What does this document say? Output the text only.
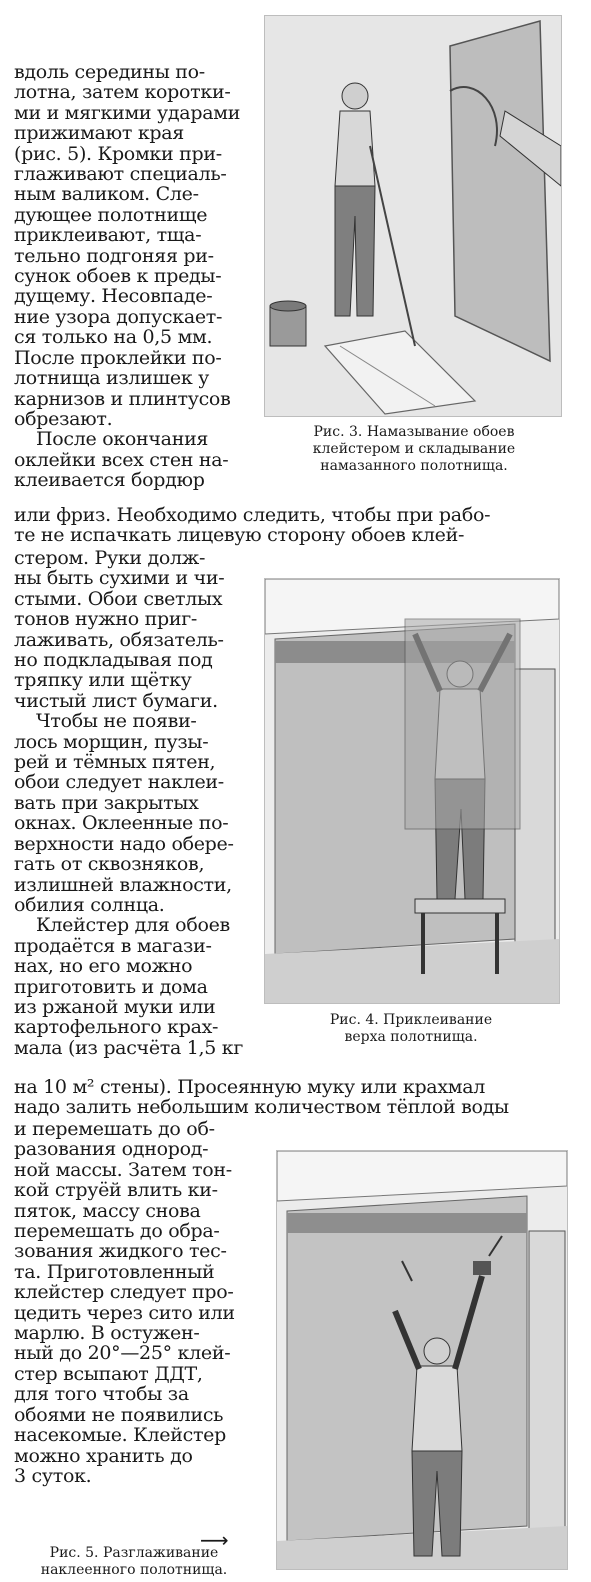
вдоль середины по-
лотна, затем коротки-
ми и мягкими ударами
прижимают края
(рис. 5). Кромки при-
глаживают специаль-
ным валиком. Сле-
дующее полотнище
приклеивают, тща-
тельно подгоняя ри-
сунок обоев к преды-
дущему. Несовпаде-
ние узора допускает-
ся только на 0,5 мм.
После проклейки по-
лотнища излишек у
карнизов и плинтусов
обрезают.
После окончания
оклейки всех стен на-
клеивается бордюр
Рис. 3. Намазывание обоев
клейстером и складывание
намазанного полотнища.
или фриз. Необходимо следить, чтобы при рабо-
те не испачкать лицевую сторону обоев клей-
стером. Руки долж-
ны быть сухими и чи-
стыми. Обои светлых
тонов нужно приг-
лаживать, обязатель-
но подкладывая под
тряпку или щётку
чистый лист бумаги.
Чтобы не появи-
лось морщин, пузы-
рей и тёмных пятен,
обои следует наклеи-
вать при закрытых
окнах. Оклеенные по-
верхности надо обере-
гать от сквозняков,
излишней влажности,
обилия солнца.
Клейстер для обоев
продаётся в магази-
нах, но его можно
приготовить и дома
из ржаной муки или
картофельного крах-
мала (из расчёта 1,5 кг
Рис. 4. Приклеивание
верха полотнища.
на 10 м² стены). Просеянную муку или крахмал
надо залить небольшим количеством тёплой воды
и перемешать до об-
разования однород-
ной массы. Затем тон-
кой струёй влить ки-
пяток, массу снова
перемешать до обра-
зования жидкого тес-
та. Приготовленный
клейстер следует про-
цедить через сито или
марлю. В остужен-
ный до 20°—25° клей-
стер всыпают ДДТ,
для того чтобы за
обоями не появились
насекомые. Клейстер
можно хранить до
3 суток.
⟶
Рис. 5. Разглаживание
наклеенного полотнища.
